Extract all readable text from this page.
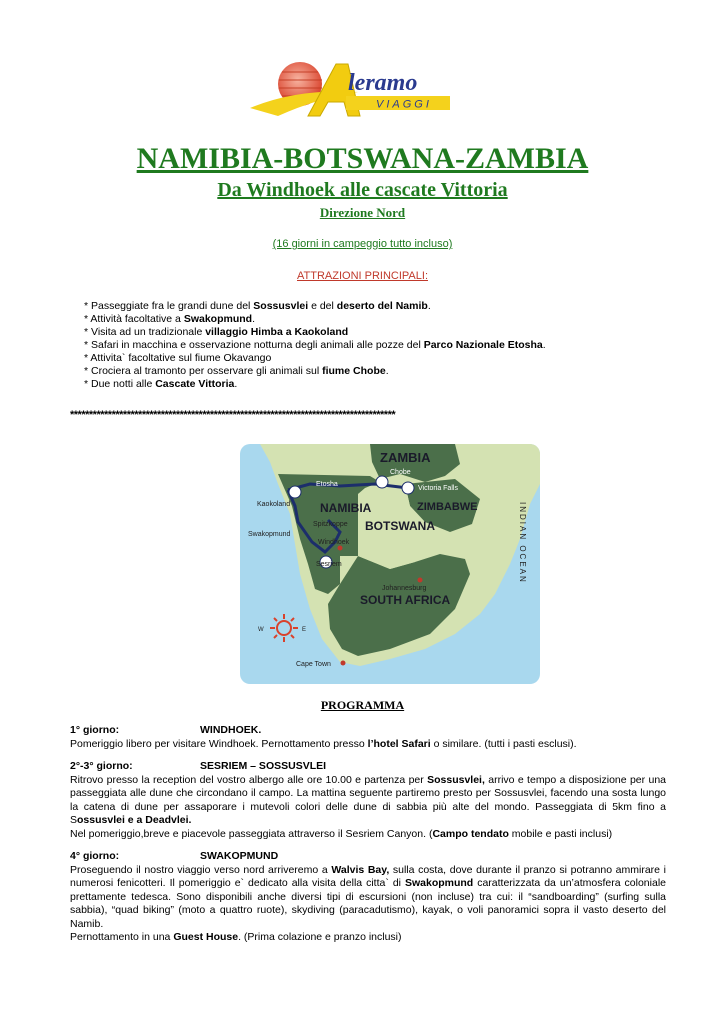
leramo
VIAGGI
NAMIBIA-BOTSWANA-ZAMBIA
Da Windhoek alle cascate Vittoria
Direzione Nord
(16 giorni in campeggio tutto incluso)
ATTRAZIONI PRINCIPALI:
* Passeggiate fra le grandi dune del Sossusvlei e del deserto del Namib.
* Attività facoltative a Swakopmund.
* Visita ad un tradizionale villaggio Himba a Kaokoland
* Safari in macchina e osservazione notturna degli animali alle pozze del Parco Nazionale Etosha.
* Attivita` facoltative sul fiume Okavango
* Crociera al tramonto per osservare gli animali sul fiume Chobe.
* Due notti alle Cascate Vittoria.
**************************************************************************************
ZAMBIA
NAMIBIA	ZIMBABWE
BOTSWANA
SOUTH AFRICA
INDIAN OCEAN
Chobe
Etosha
Victoria Falls
Kaokoland
Spitzkoppe
Swakopmund
Windhoek
Sesriem
Johannesburg
Cape Town
W	E
PROGRAMMA
1° giorno:	WINDHOEK.

Pomeriggio libero per visitare Windhoek. Pernottamento presso l’hotel Safari o similare. (tutti i pasti esclusi).

2°-3° giorno:	SESRIEM – SOSSUSVLEI

Ritrovo presso la reception del vostro albergo alle ore 10.00 e partenza per Sossusvlei, arrivo e tempo a disposizione per una passeggiata alle dune che circondano il campo. La mattina seguente partiremo presto per Sossusvlei, facendo una sosta lungo la catena di dune per assaporare i mutevoli colori delle dune di sabbia più alte del mondo. Passeggiata di 5km fino a Sossusvlei e a Deadvlei.
Nel pomeriggio,breve e piacevole passeggiata attraverso il Sesriem Canyon. (Campo tendato mobile e pasti inclusi)

4° giorno:	SWAKOPMUND

Proseguendo il nostro viaggio verso nord arriveremo a Walvis Bay, sulla costa, dove durante il pranzo si potranno ammirare i numerosi fenicotteri. Il pomeriggio e` dedicato alla visita della citta` di Swakopmund caratterizzata da un’atmosfera coloniale prettamente tedesca. Sono disponibili anche diversi tipi di escursioni (non incluse) tra cui: il “sandboarding” (surfing sulla sabbia), “quad biking” (moto a quattro ruote), skydiving (paracadutismo), kayak, o voli panoramici sopra il vasto deserto del Namib.
Pernottamento in una Guest House. (Prima colazione e pranzo inclusi)
